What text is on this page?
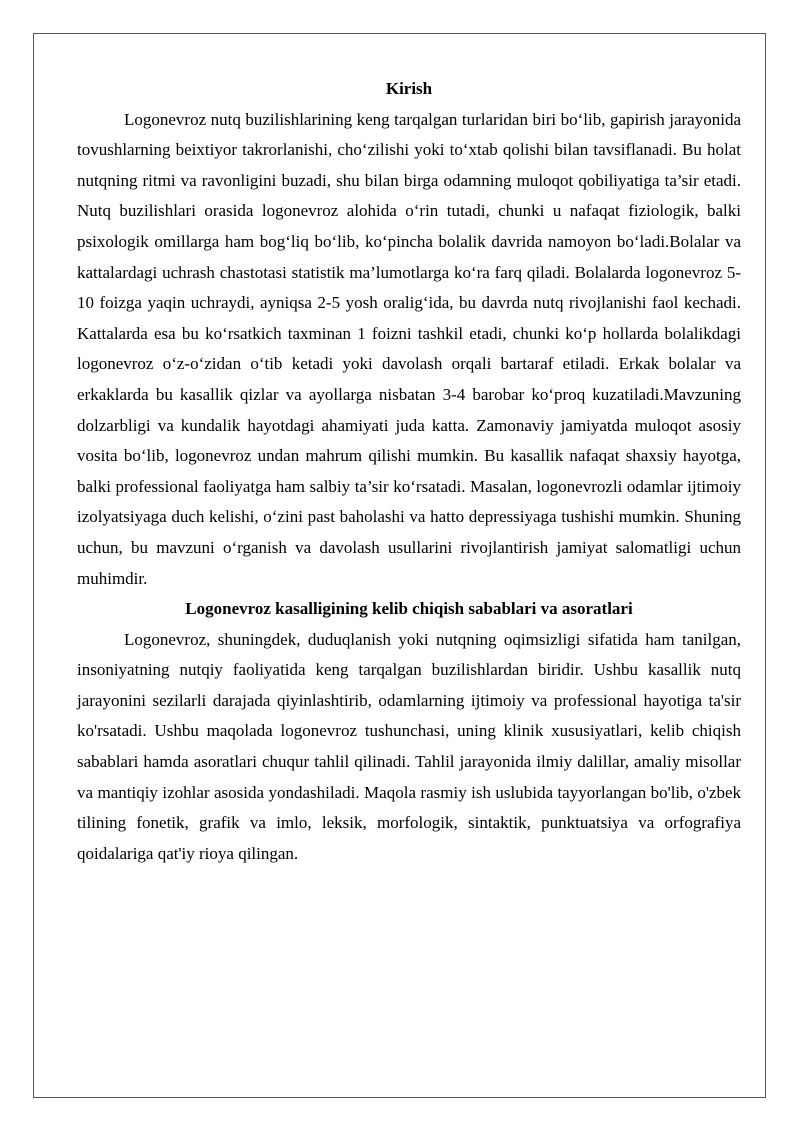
Kirish

Logonevroz nutq buzilishlarining keng tarqalgan turlaridan biri bo‘lib, gapirish jarayonida tovushlarning beixtiyor takrorlanishi, cho‘zilishi yoki to‘xtab qolishi bilan tavsiflanadi. Bu holat nutqning ritmi va ravonligini buzadi, shu bilan birga odamning muloqot qobiliyatiga ta’sir etadi. Nutq buzilishlari orasida logonevroz alohida o‘rin tutadi, chunki u nafaqat fiziologik, balki psixologik omillarga ham bog‘liq bo‘lib, ko‘pincha bolalik davrida namoyon bo‘ladi.Bolalar va kattalardagi uchrash chastotasi statistik ma’lumotlarga ko‘ra farq qiladi. Bolalarda logonevroz 5-10 foizga yaqin uchraydi, ayniqsa 2-5 yosh oralig‘ida, bu davrda nutq rivojlanishi faol kechadi. Kattalarda esa bu ko‘rsatkich taxminan 1 foizni tashkil etadi, chunki ko‘p hollarda bolalikdagi logonevroz o‘z-o‘zidan o‘tib ketadi yoki davolash orqali bartaraf etiladi. Erkak bolalar va erkaklarda bu kasallik qizlar va ayollarga nisbatan 3-4 barobar ko‘proq kuzatiladi.Mavzuning dolzarbligi va kundalik hayotdagi ahamiyati juda katta. Zamonaviy jamiyatda muloqot asosiy vosita bo‘lib, logonevroz undan mahrum qilishi mumkin. Bu kasallik nafaqat shaxsiy hayotga, balki professional faoliyatga ham salbiy ta’sir ko‘rsatadi. Masalan, logonevrozli odamlar ijtimoiy izolyatsiyaga duch kelishi, o‘zini past baholashi va hatto depressiyaga tushishi mumkin. Shuning uchun, bu mavzuni o‘rganish va davolash usullarini rivojlantirish jamiyat salomatligi uchun muhimdir.

Logonevroz kasalligining kelib chiqish sabablari va asoratlari

Logonevroz, shuningdek, duduqlanish yoki nutqning oqimsizligi sifatida ham tanilgan, insoniyatning nutqiy faoliyatida keng tarqalgan buzilishlardan biridir. Ushbu kasallik nutq jarayonini sezilarli darajada qiyinlashtirib, odamlarning ijtimoiy va professional hayotiga ta'sir ko'rsatadi. Ushbu maqolada logonevroz tushunchasi, uning klinik xususiyatlari, kelib chiqish sabablari hamda asoratlari chuqur tahlil qilinadi. Tahlil jarayonida ilmiy dalillar, amaliy misollar va mantiqiy izohlar asosida yondashiladi. Maqola rasmiy ish uslubida tayyorlangan bo'lib, o'zbek tilining fonetik, grafik va imlo, leksik, morfologik, sintaktik, punktuatsiya va orfografiya qoidalariga qat'iy rioya qilingan.
